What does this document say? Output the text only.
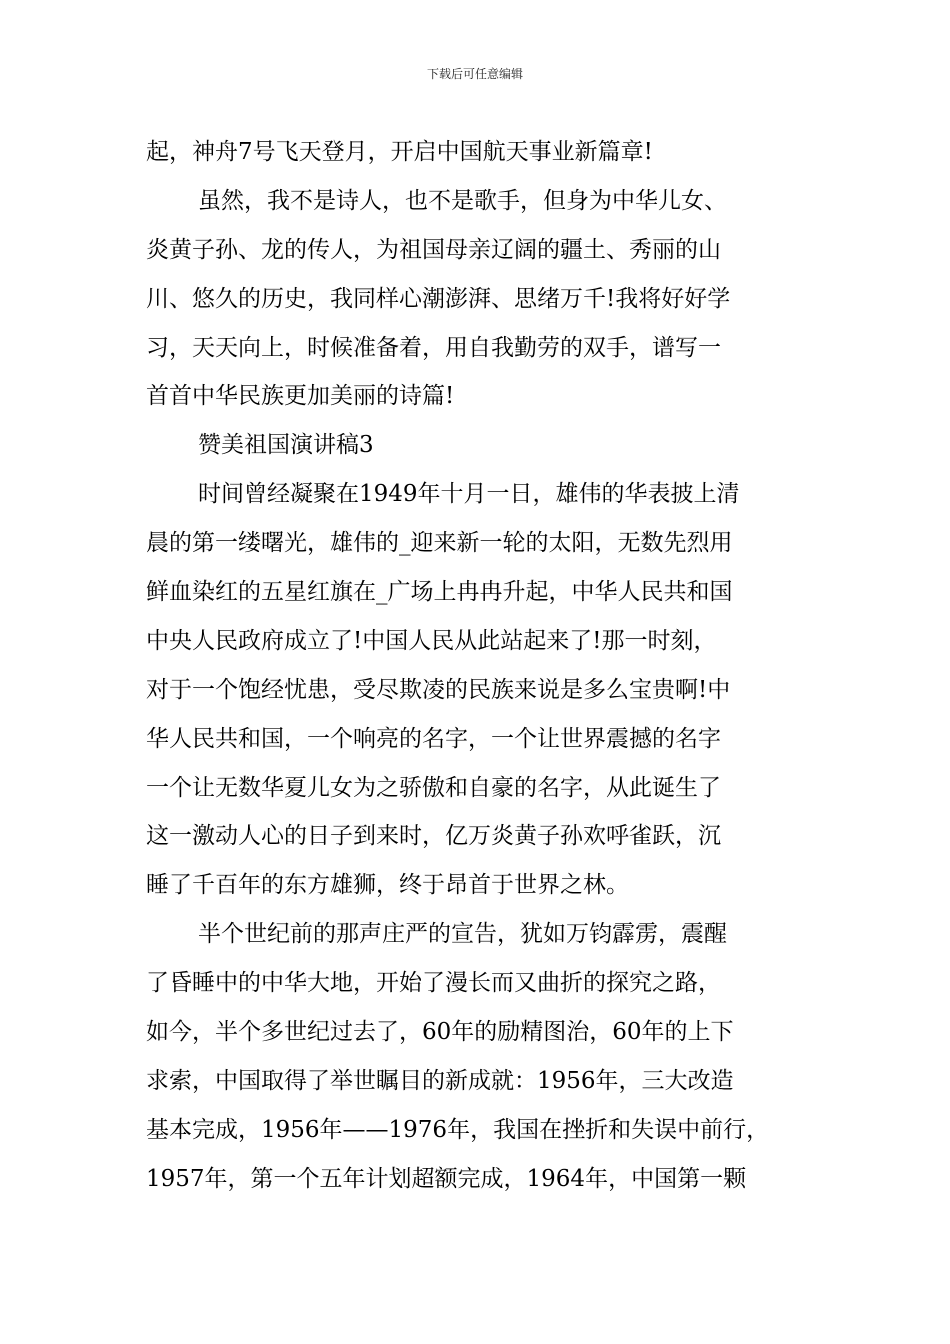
下载后可任意编辑
起，神舟7号飞天登月，开启中国航天事业新篇章!
虽然，我不是诗人，也不是歌手，但身为中华儿女、
炎黄子孙、龙的传人，为祖国母亲辽阔的疆土、秀丽的山
川、悠久的历史，我同样心潮澎湃、思绪万千!我将好好学
习，天天向上，时候准备着，用自我勤劳的双手，谱写一
首首中华民族更加美丽的诗篇!
赞美祖国演讲稿3
时间曾经凝聚在1949年十月一日，雄伟的华表披上清
晨的第一缕曙光，雄伟的_迎来新一轮的太阳，无数先烈用
鲜血染红的五星红旗在_广场上冉冉升起，中华人民共和国
中央人民政府成立了!中国人民从此站起来了!那一时刻，
对于一个饱经忧患，受尽欺凌的民族来说是多么宝贵啊!中
华人民共和国，一个响亮的名字，一个让世界震撼的名字
一个让无数华夏儿女为之骄傲和自豪的名字，从此诞生了
这一激动人心的日子到来时，亿万炎黄子孙欢呼雀跃，沉
睡了千百年的东方雄狮，终于昂首于世界之林。
半个世纪前的那声庄严的宣告，犹如万钧霹雳，震醒
了昏睡中的中华大地，开始了漫长而又曲折的探究之路，
如今，半个多世纪过去了，60年的励精图治，60年的上下
求索，中国取得了举世瞩目的新成就：1956年，三大改造
基本完成，1956年——1976年，我国在挫折和失误中前行，
1957年，第一个五年计划超额完成，1964年，中国第一颗
